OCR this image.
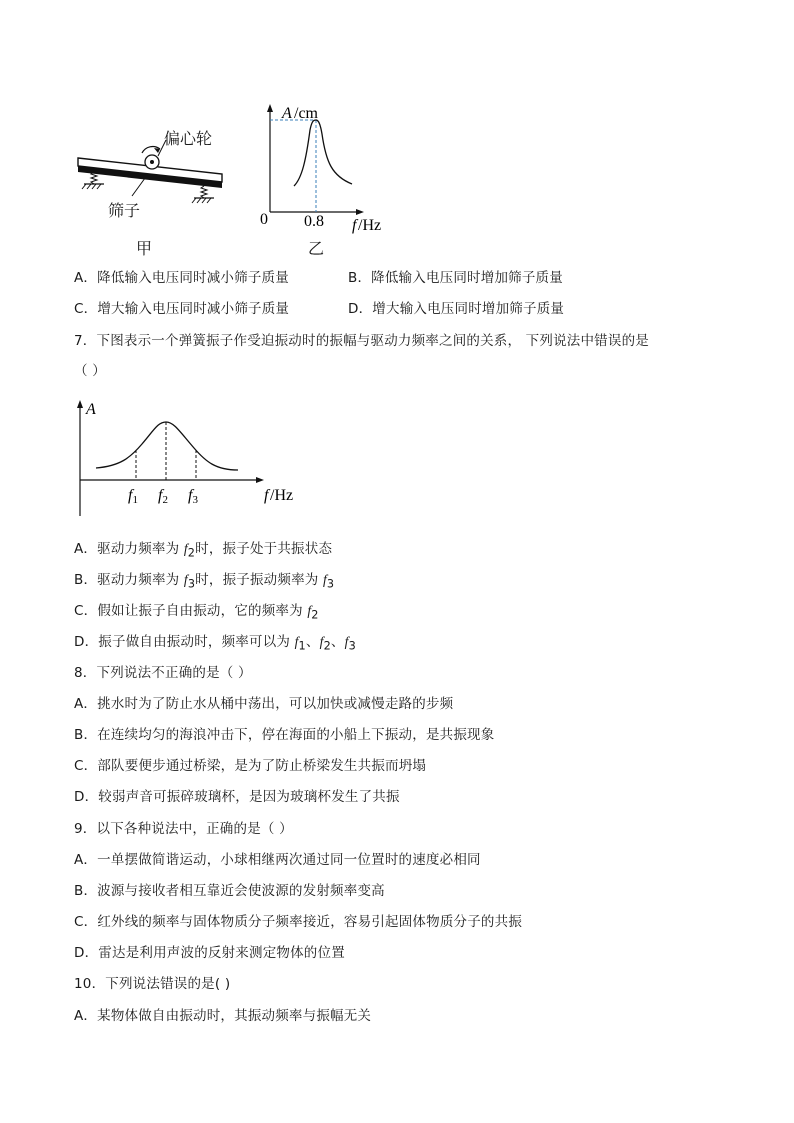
偏心轮
筛子
甲
A /cm
0 0.8 f /Hz
乙
A．降低输入电压同时减小筛子质量	B．降低输入电压同时增加筛子质量
C．增大输入电压同时减小筛子质量	D．增大输入电压同时增加筛子质量
7．下图表示一个弹簧振子作受迫振动时的振幅与驱动力频率之间的关系， 下列说法中错误的是
（ ）
A
f /Hz
f1 f2 f3
A．驱动力频率为 $f_2$时，振子处于共振状态
B．驱动力频率为 $f_3$时，振子振动频率为 $f_3$
C．假如让振子自由振动，它的频率为 $f_2$
D．振子做自由振动时，频率可以为 $f_1$、$f_2$、$f_3$
8．下列说法不正确的是（ ）
A．挑水时为了防止水从桶中荡出，可以加快或减慢走路的步频
B．在连续均匀的海浪冲击下，停在海面的小船上下振动，是共振现象
C．部队要便步通过桥梁，是为了防止桥梁发生共振而坍塌
D．较弱声音可振碎玻璃杯，是因为玻璃杯发生了共振
9．以下各种说法中，正确的是（ ）
A．一单摆做简谐运动，小球相继两次通过同一位置时的速度必相同
B．波源与接收者相互靠近会使波源的发射频率变高
C．红外线的频率与固体物质分子频率接近，容易引起固体物质分子的共振
D．雷达是利用声波的反射来测定物体的位置
10．下列说法错误的是( )
A．某物体做自由振动时，其振动频率与振幅无关
